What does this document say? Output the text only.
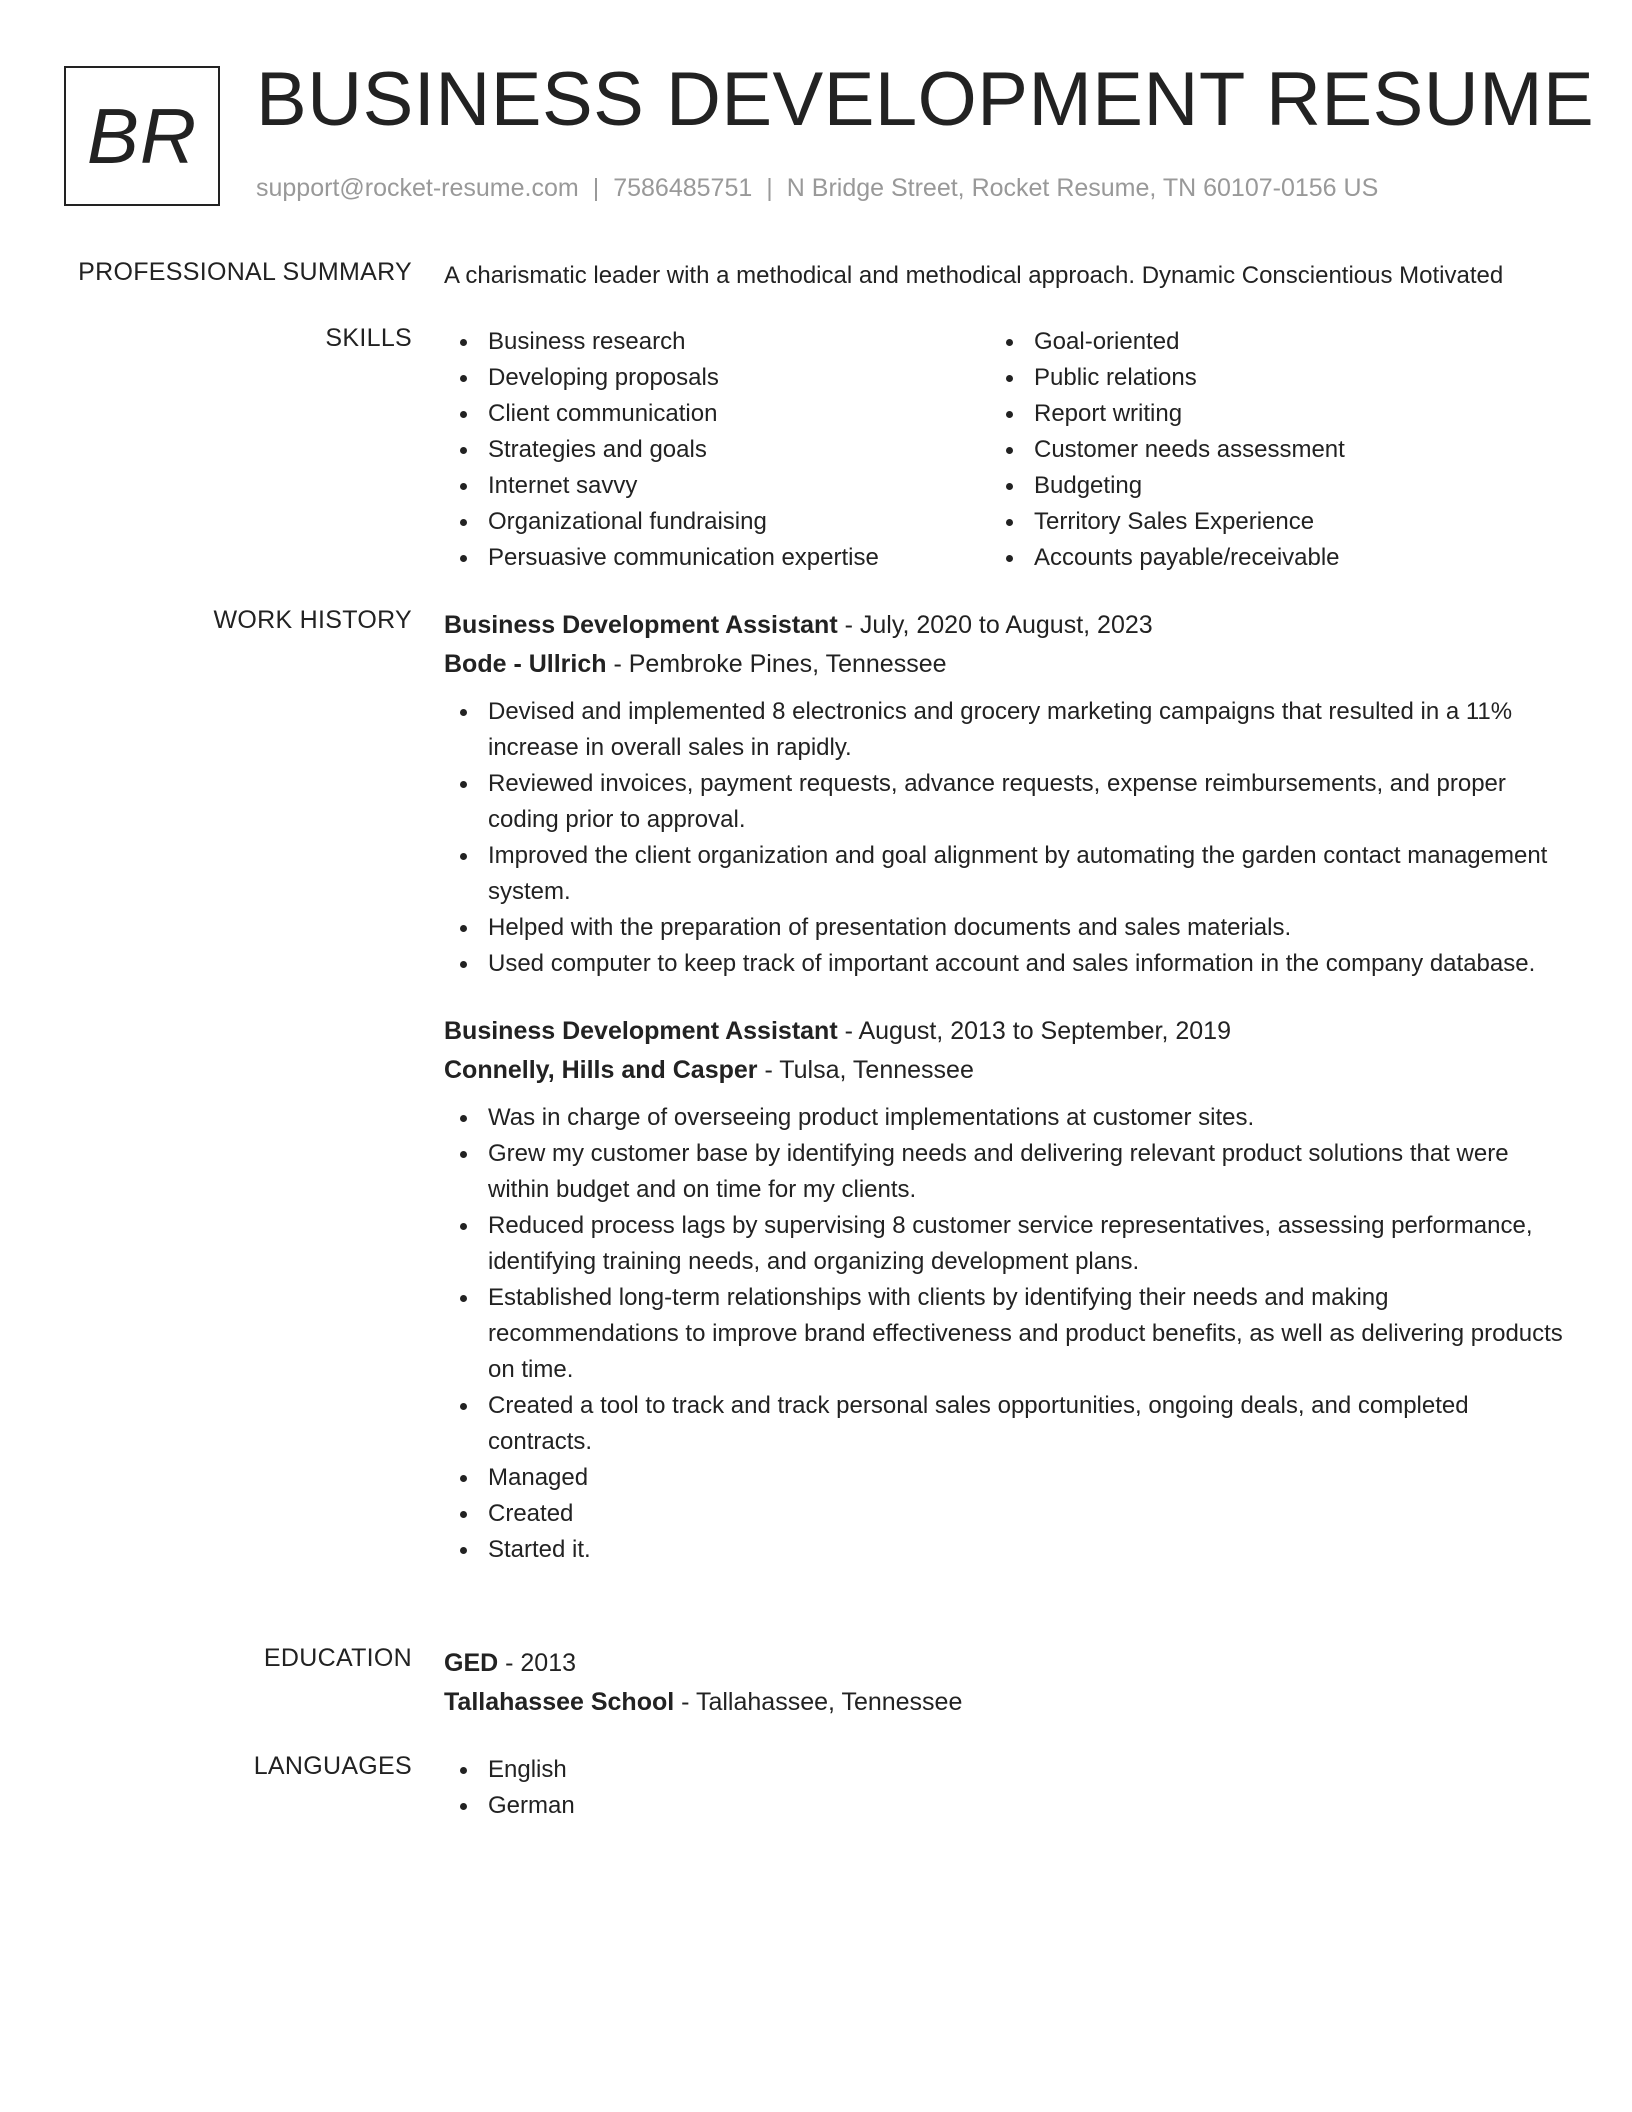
BR BUSINESS DEVELOPMENT RESUME
support@rocket-resume.com | 7586485751 | N Bridge Street, Rocket Resume, TN 60107-0156 US
PROFESSIONAL SUMMARY A charismatic leader with a methodical and methodical approach. Dynamic Conscientious Motivated
SKILLS	Business research
Developing proposals
Client communication
Strategies and goals
Internet savvy
Organizational fundraising
Persuasive communication expertise
Goal-oriented
Public relations
Report writing
Customer needs assessment
Budgeting
Territory Sales Experience
Accounts payable/receivable
WORK HISTORY Business Development Assistant - July, 2020 to August, 2023
Bode - Ullrich - Pembroke Pines, Tennessee
Devised and implemented 8 electronics and grocery marketing campaigns that resulted in a 11% increase in overall sales in rapidly.
Reviewed invoices, payment requests, advance requests, expense reimbursements, and proper coding prior to approval.
Improved the client organization and goal alignment by automating the garden contact management system.
Helped with the preparation of presentation documents and sales materials.
Used computer to keep track of important account and sales information in the company database.
Business Development Assistant - August, 2013 to September, 2019
Connelly, Hills and Casper - Tulsa, Tennessee
Was in charge of overseeing product implementations at customer sites.
Grew my customer base by identifying needs and delivering relevant product solutions that were within budget and on time for my clients.
Reduced process lags by supervising 8 customer service representatives, assessing performance, identifying training needs, and organizing development plans.
Established long-term relationships with clients by identifying their needs and making recommendations to improve brand effectiveness and product benefits, as well as delivering products on time.
Created a tool to track and track personal sales opportunities, ongoing deals, and completed contracts.
Managed
Created
Started it.
EDUCATION GED - 2013
Tallahassee School - Tallahassee, Tennessee
LANGUAGES	English
German
